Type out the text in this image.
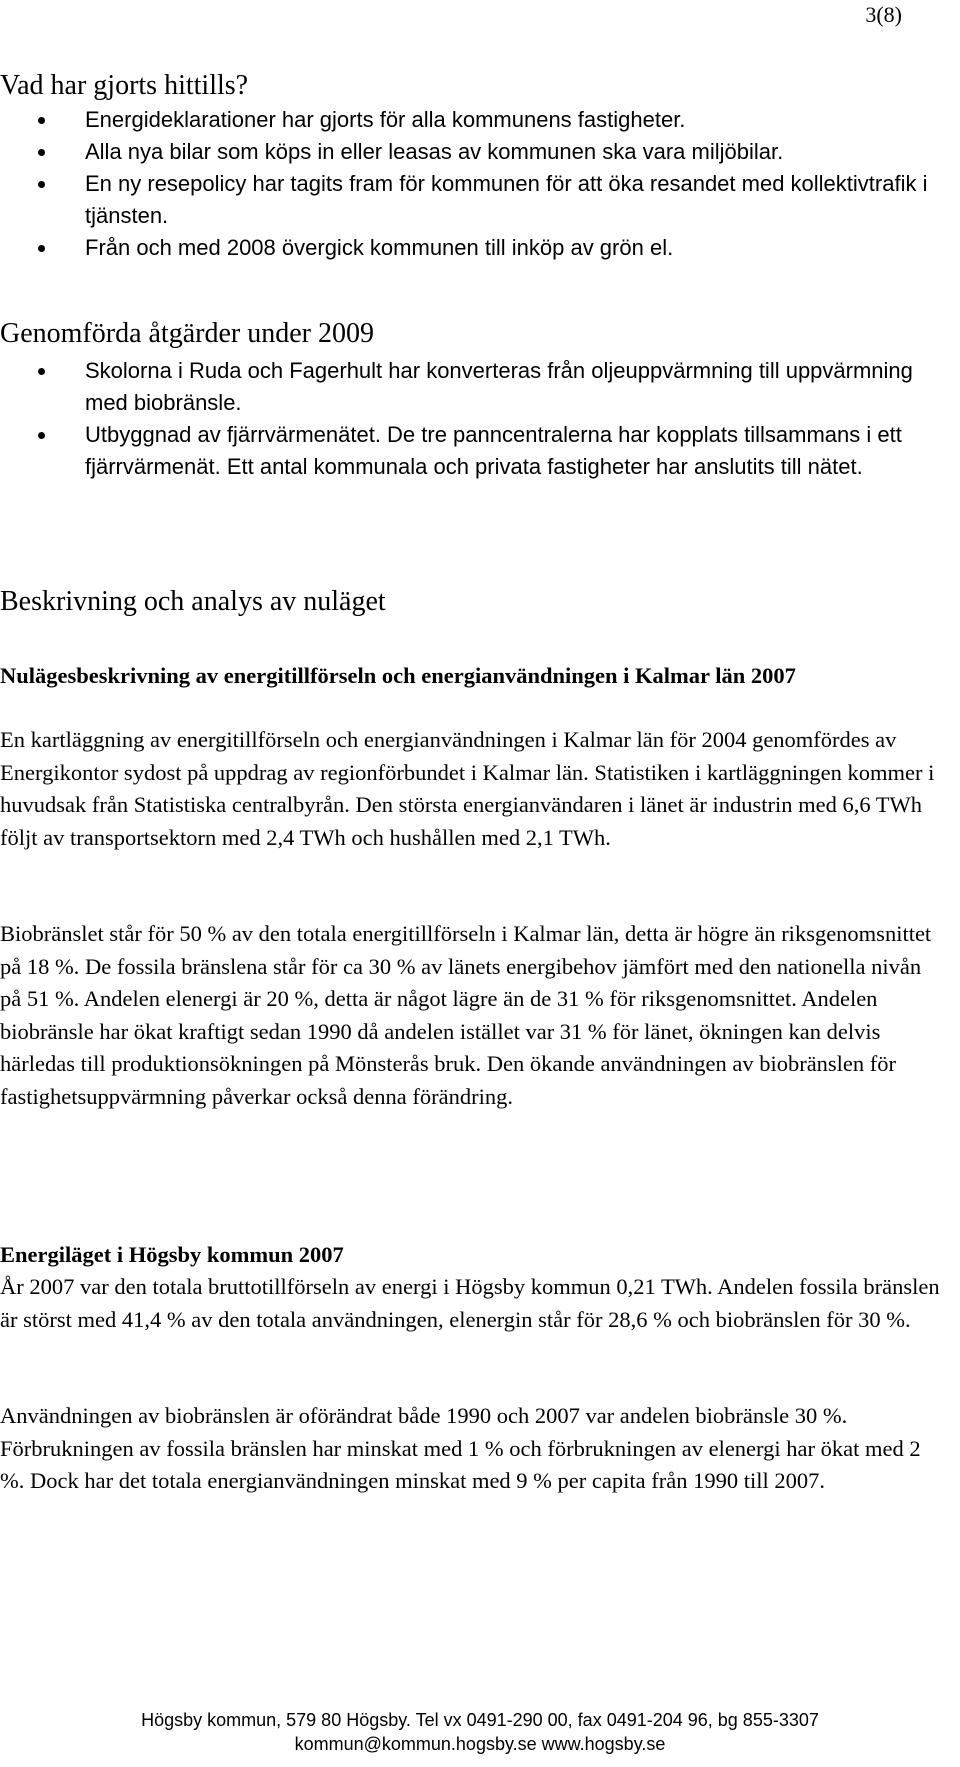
3(8)
Vad har gjorts hittills?
Energideklarationer har gjorts för alla kommunens fastigheter.
Alla nya bilar som köps in eller leasas av kommunen ska vara miljöbilar.
En ny resepolicy har tagits fram för kommunen för att öka resandet med kollektivtrafik i tjänsten.
Från och med 2008 övergick kommunen till inköp av grön el.
Genomförda åtgärder under 2009
Skolorna i Ruda och Fagerhult har konverteras från oljeuppvärmning till uppvärmning med biobränsle.
Utbyggnad av fjärrvärmenätet. De tre panncentralerna har kopplats tillsammans i ett fjärrvärmenät. Ett antal kommunala och privata fastigheter har anslutits till nätet.
Beskrivning och analys av nuläget

Nulägesbeskrivning av energitillförseln och energianvändningen i Kalmar län 2007

En kartläggning av energitillförseln och energianvändningen i Kalmar län för 2004 genomfördes av Energikontor sydost på uppdrag av regionförbundet i Kalmar län. Statistiken i kartläggningen kommer i huvudsak från Statistiska centralbyrån. Den största energianvändaren i länet är industrin med 6,6 TWh följt av transportsektorn med 2,4 TWh och hushållen med 2,1 TWh.

Biobränslet står för 50 % av den totala energitillförseln i Kalmar län, detta är högre än riksgenomsnittet på 18 %. De fossila bränslena står för ca 30 % av länets energibehov jämfört med den nationella nivån på 51 %. Andelen elenergi är 20 %, detta är något lägre än de 31 % för riksgenomsnittet. Andelen biobränsle har ökat kraftigt sedan 1990 då andelen istället var 31 % för länet, ökningen kan delvis härledas till produktionsökningen på Mönsterås bruk. Den ökande användningen av biobränslen för fastighetsuppvärmning påverkar också denna förändring.

Energiläget i Högsby kommun 2007

År 2007 var den totala bruttotillförseln av energi i Högsby kommun 0,21 TWh. Andelen fossila bränslen är störst med 41,4 % av den totala användningen, elenergin står för 28,6 % och biobränslen för 30 %.

Användningen av biobränslen är oförändrat både 1990 och 2007 var andelen biobränsle 30 %. Förbrukningen av fossila bränslen har minskat med 1 % och förbrukningen av elenergi har ökat med 2 %. Dock har det totala energianvändningen minskat med 9 % per capita från 1990 till 2007.

Högsby kommun, 579 80 Högsby. Tel vx 0491-290 00, fax 0491-204 96, bg 855-3307
kommun@kommun.hogsby.se www.hogsby.se
